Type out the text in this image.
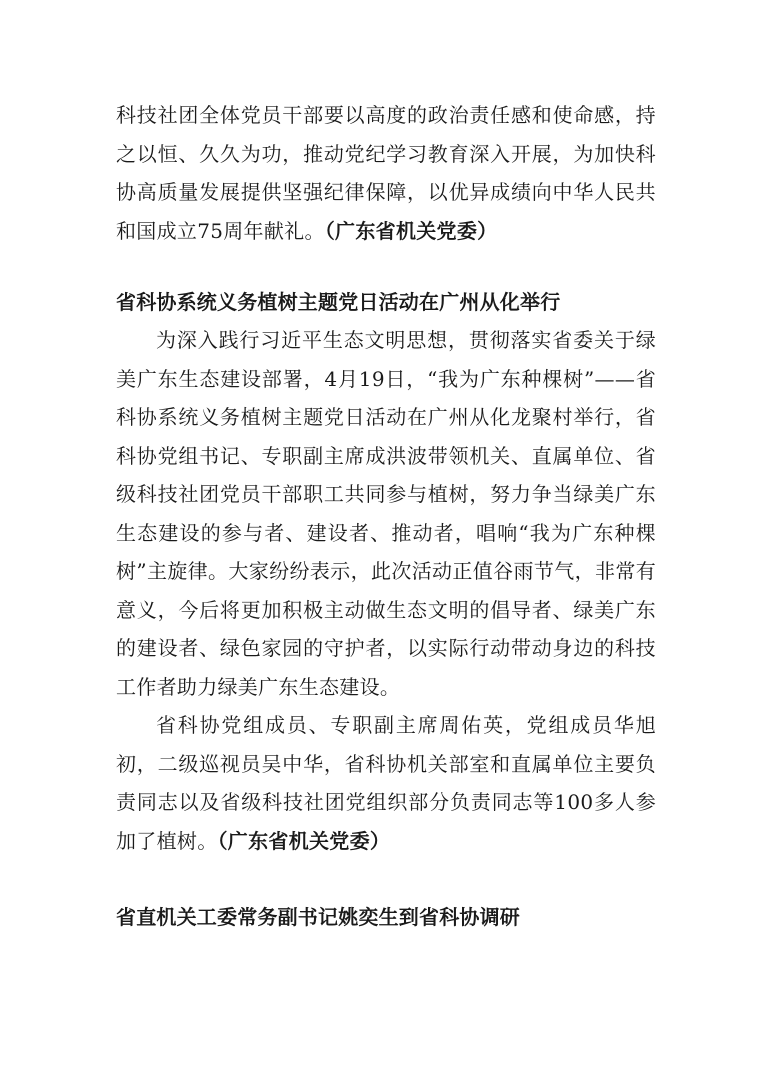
科技社团全体党员干部要以高度的政治责任感和使命感，持之以恒、久久为功，推动党纪学习教育深入开展，为加快科协高质量发展提供坚强纪律保障，以优异成绩向中华人民共和国成立75周年献礼。（广东省机关党委）

省科协系统义务植树主题党日活动在广州从化举行

为深入践行习近平生态文明思想，贯彻落实省委关于绿美广东生态建设部署，4月19日，“我为广东种棵树”——省科协系统义务植树主题党日活动在广州从化龙聚村举行，省科协党组书记、专职副主席成洪波带领机关、直属单位、省级科技社团党员干部职工共同参与植树，努力争当绿美广东生态建设的参与者、建设者、推动者，唱响“我为广东种棵树”主旋律。大家纷纷表示，此次活动正值谷雨节气，非常有意义，今后将更加积极主动做生态文明的倡导者、绿美广东的建设者、绿色家园的守护者，以实际行动带动身边的科技工作者助力绿美广东生态建设。

省科协党组成员、专职副主席周佑英，党组成员华旭初，二级巡视员吴中华，省科协机关部室和直属单位主要负责同志以及省级科技社团党组织部分负责同志等100多人参加了植树。（广东省机关党委）

省直机关工委常务副书记姚奕生到省科协调研
